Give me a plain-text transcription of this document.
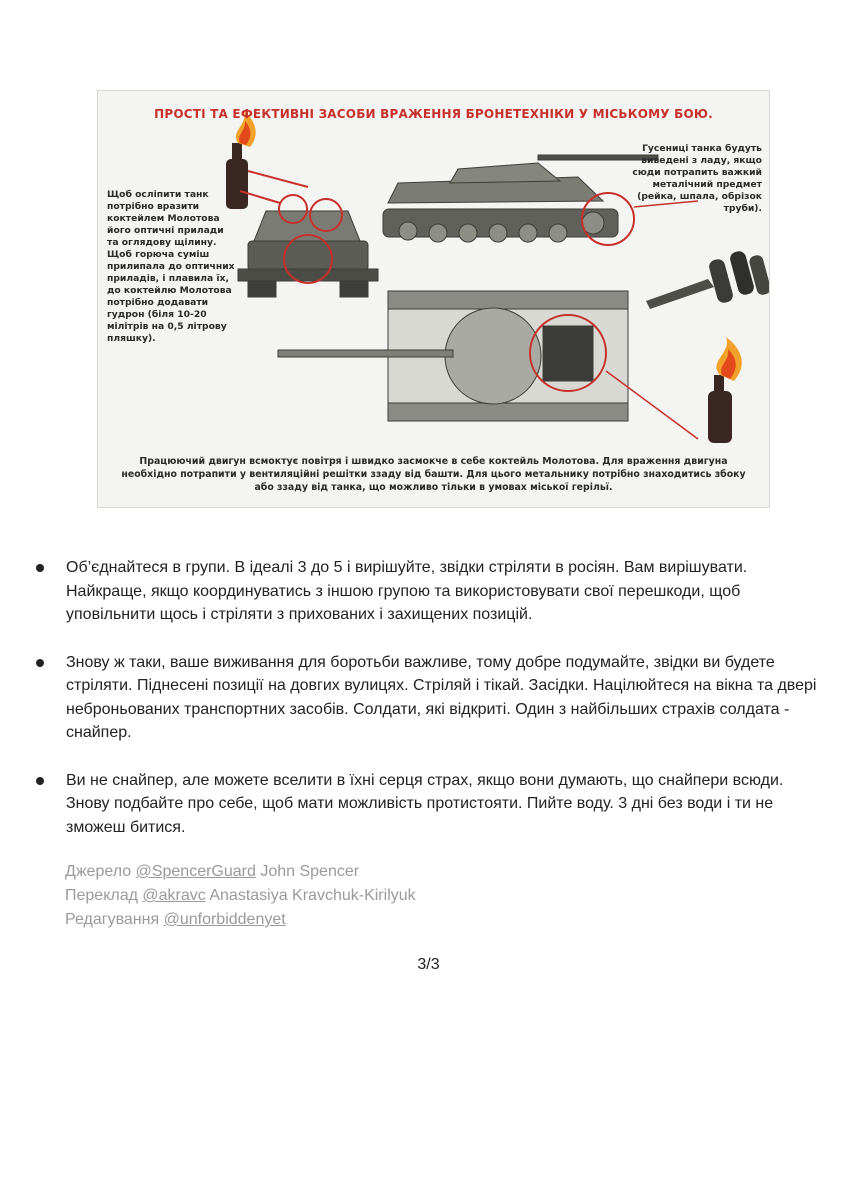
ПРОСТІ ТА ЕФЕКТИВНІ ЗАСОБИ ВРАЖЕННЯ БРОНЕТЕХНІКИ У МІСЬКОМУ БОЮ.
Щоб осліпити танк потрібно вразити коктейлем Молотова його оптичні прилади та оглядову щілину. Щоб горюча суміш прилипала до оптичних приладів, і плавила їх, до коктейлю Молотова потрібно додавати гудрон (біля 10-20 мілітрів на 0,5 літрову пляшку).
Гусениці танка будуть виведені з ладу, якщо сюди потрапить важкий металічний предмет (рейка, шпала, обрізок труби).
Працюючий двигун всмоктує повітря і швидко засмокче в себе коктейль Молотова. Для враження двигуна необхідно потрапити у вентиляційні решітки ззаду від башти. Для цього метальнику потрібно знаходитись збоку або ззаду від танка, що можливо тільки в умовах міської герільї.
Об’єднайтеся в групи. В ідеалі 3 до 5 і вирішуйте, звідки стріляти в росіян. Вам вирішувати. Найкраще, якщо координуватись з іншою групою та використовувати свої перешкоди, щоб уповільнити щось і стріляти з прихованих і захищених позицій.
Знову ж таки, ваше виживання для боротьби важливе, тому добре подумайте, звідки ви будете стріляти. Піднесені позиції на довгих вулицях. Стріляй і тікай. Засідки. Націлюйтеся на вікна та двері неброньованих транспортних засобів. Солдати, які відкриті. Один з найбільших страхів солдата - снайпер.
Ви не снайпер, але можете вселити в їхні серця страх, якщо вони думають, що снайпери всюди. Знову подбайте про себе, щоб мати можливість протистояти. Пийте воду. 3 дні без води і ти не зможеш битися.
Джерело @SpencerGuard John Spencer
Переклад @akravc Anastasiya Kravchuk-Kirilyuk
Редагування @unforbiddenyet
3/3
